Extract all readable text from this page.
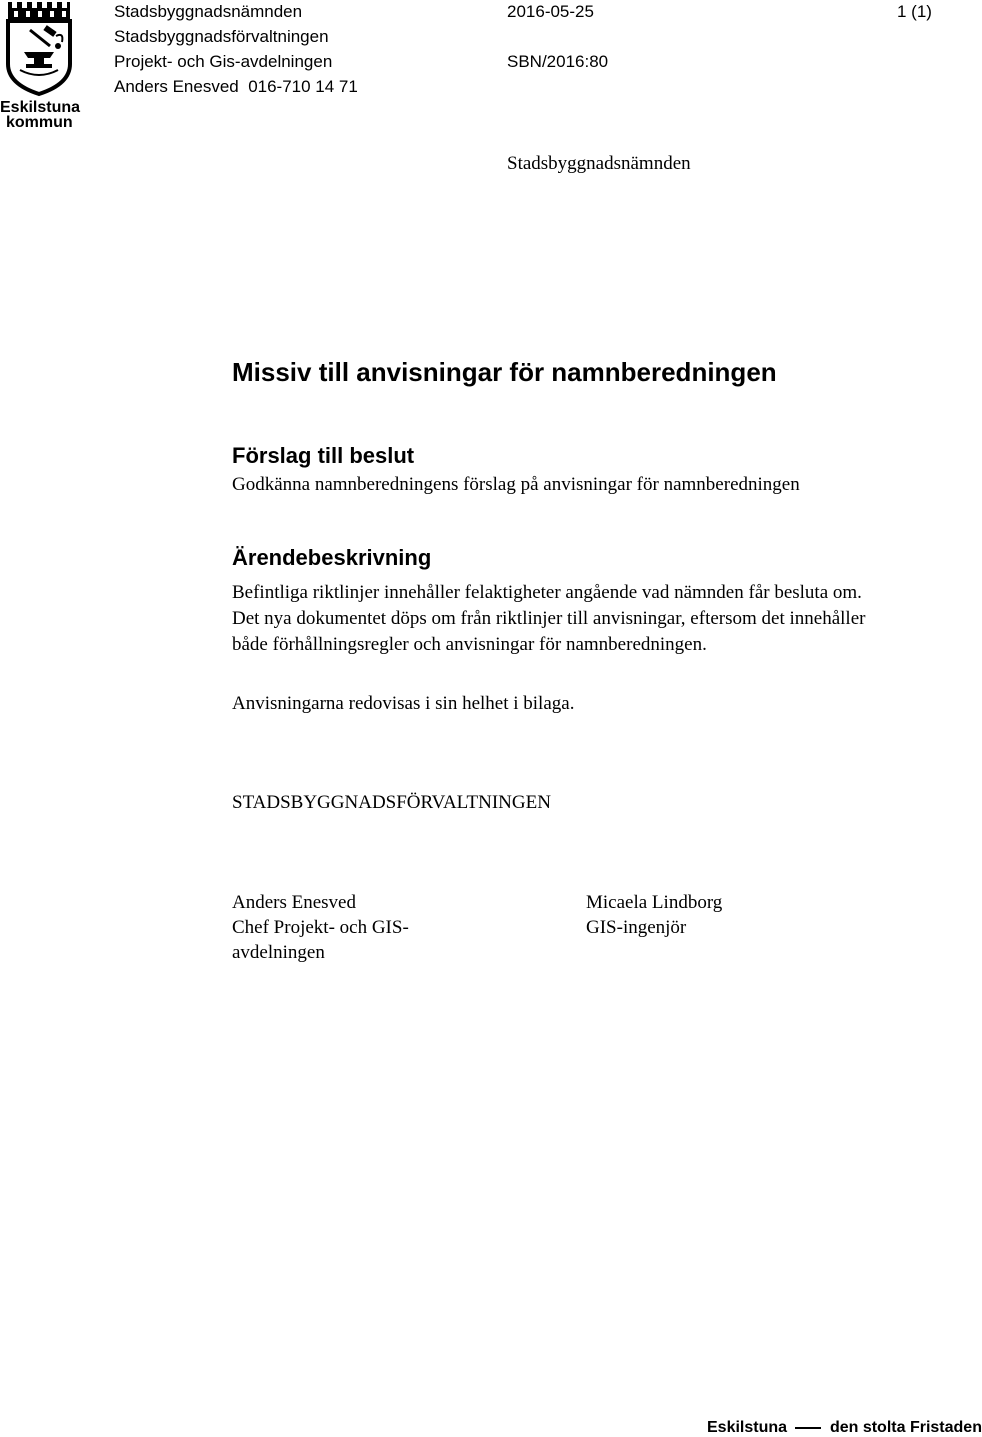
Eskilstuna
kommun
Stadsbyggnadsnämnden
Stadsbyggnadsförvaltningen
Projekt- och Gis-avdelningen
Anders Enesved  016-710 14 71
2016-05-25	1 (1)
SBN/2016:80
Stadsbyggnadsnämnden
Missiv till anvisningar för namnberedningen
Förslag till beslut
Godkänna namnberedningens förslag på anvisningar för namnberedningen
Ärendebeskrivning
Befintliga riktlinjer innehåller felaktigheter angående vad nämnden får besluta om.
Det nya dokumentet döps om från riktlinjer till anvisningar, eftersom det innehåller
både förhållningsregler och anvisningar för namnberedningen.
Anvisningarna redovisas i sin helhet i bilaga.
STADSBYGGNADSFÖRVALTNINGEN
Anders Enesved
Chef Projekt- och GIS-
avdelningen
Micaela Lindborg
GIS-ingenjör
Eskilstuna	den stolta Fristaden
